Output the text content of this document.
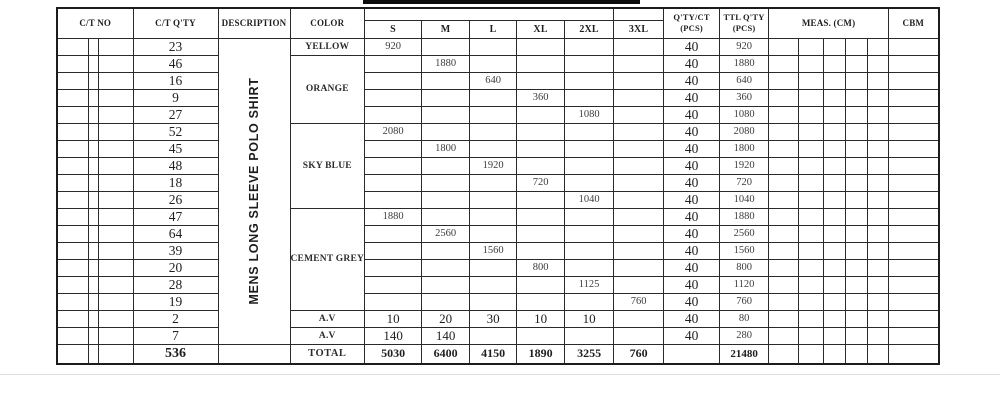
C/T NO	C/T Q'TY	DESCRIPTION	COLOR			
Q'TY/CT
(PCS)

TTL Q'TY
(PCS)	MEAS. (CM)	CBM
						S	M	L	XL	2XL	3XL								
			23	MENS LONG SLEEVE POLO SHIRT	YELLOW	920						40	920						
			46		ORANGE		1880					40	1880						
			16					640				40	640						
			9						360			40	360						
			27							1080		40	1080						
			52		SKY BLUE	2080						40	2080						
			45				1800					40	1800						
			48					1920				40	1920						
			18						720			40	720						
			26							1040		40	1040						
			47		CEMENT GREY	1880						40	1880						
			64				2560					40	2560						
			39					1560				40	1560						
			20						800			40	800						
			28							1125		40	1120						
			19								760	40	760						
			2		A.V	10	20	30	10	10		40	80						
			7		A.V	140	140					40	280						
			536		TOTAL	5030	6400	4150	1890	3255	760		21480						
